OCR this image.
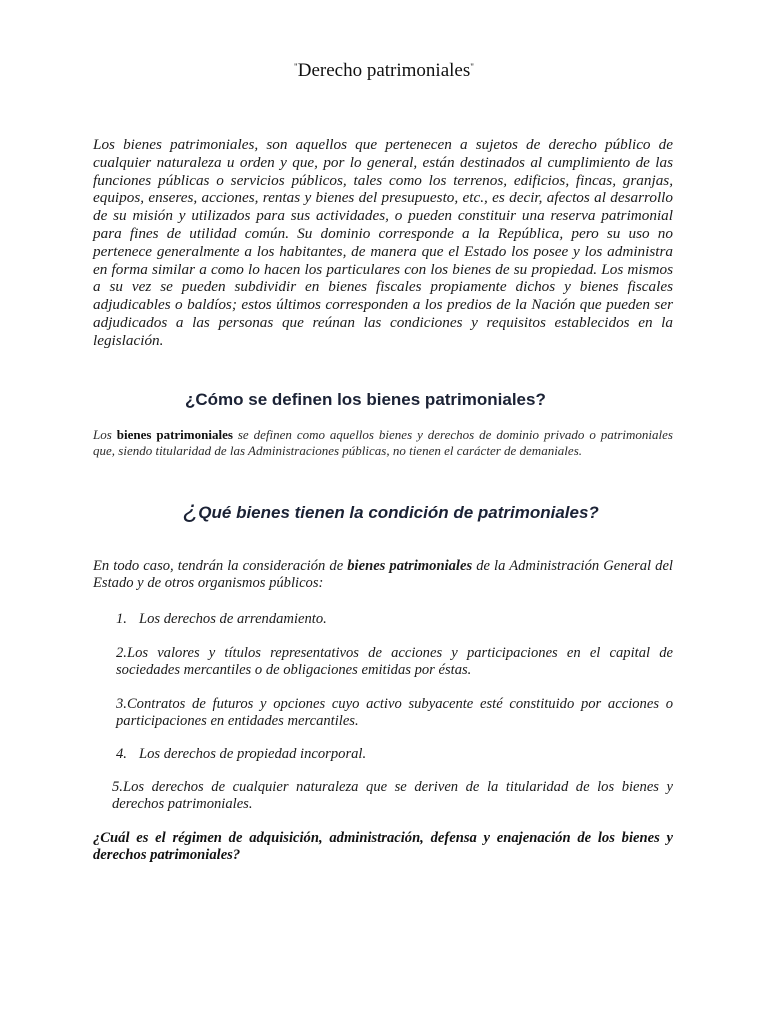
"Derecho patrimoniales"
Los bienes patrimoniales, son aquellos que pertenecen a sujetos de derecho público de cualquier naturaleza u orden y que, por lo general, están destinados al cumplimiento de las funciones públicas o servicios públicos, tales como los terrenos, edificios, fincas, granjas, equipos, enseres, acciones, rentas y bienes del presupuesto, etc., es decir, afectos al desarrollo de su misión y utilizados para sus actividades, o pueden constituir una reserva patrimonial para fines de utilidad común. Su dominio corresponde a la República, pero su uso no pertenece generalmente a los habitantes, de manera que el Estado los posee y los administra en forma similar a como lo hacen los particulares con los bienes de su propiedad. Los mismos a su vez se pueden subdividir en bienes fiscales propiamente dichos y bienes fiscales adjudicables o baldíos; estos últimos corresponden a los predios de la Nación que pueden ser adjudicados a las personas que reúnan las condiciones y requisitos establecidos en la legislación.
¿Cómo se definen los bienes patrimoniales?
Los bienes patrimoniales se definen como aquellos bienes y derechos de dominio privado o patrimoniales que, siendo titularidad de las Administraciones públicas, no tienen el carácter de demaniales.
¿Qué bienes tienen la condición de patrimoniales?
En todo caso, tendrán la consideración de bienes patrimoniales de la Administración General del Estado y de otros organismos públicos:
1. Los derechos de arrendamiento.
2.Los valores y títulos representativos de acciones y participaciones en el capital de sociedades mercantiles o de obligaciones emitidas por éstas.
3.Contratos de futuros y opciones cuyo activo subyacente esté constituido por acciones o participaciones en entidades mercantiles.
4. Los derechos de propiedad incorporal.
5.Los derechos de cualquier naturaleza que se deriven de la titularidad de los bienes y derechos patrimoniales.
¿Cuál es el régimen de adquisición, administración, defensa y enajenación de los bienes y derechos patrimoniales?
